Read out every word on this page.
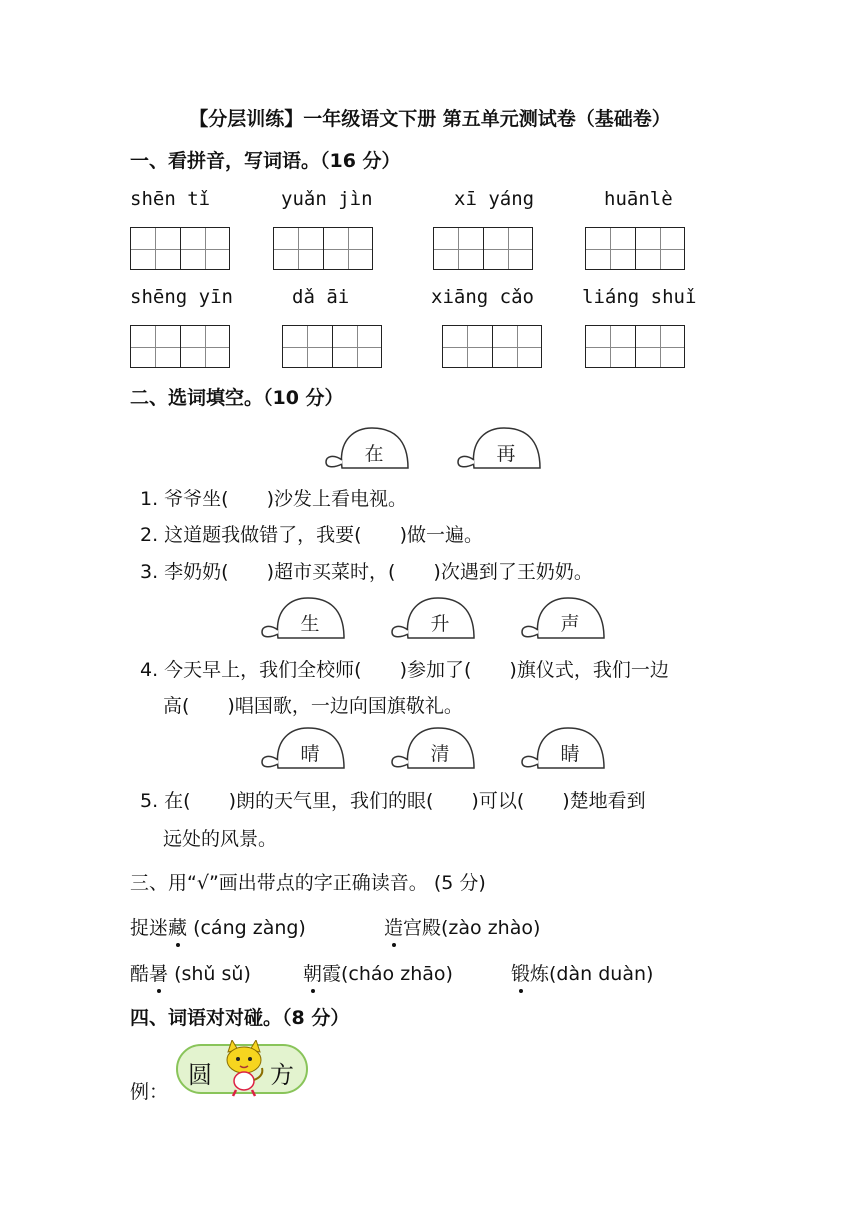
【分层训练】一年级语文下册 第五单元测试卷（基础卷）
一、看拼音，写词语。（16 分）
shēn tǐ	yuǎn jìn	xī yáng	huānlè
shēng yīn	dǎ āi	xiāng cǎo	liáng shuǐ
二、选词填空。（10 分）
在	再
1. 爷爷坐(　　)沙发上看电视。
2. 这道题我做错了，我要(　　)做一遍。
3. 李奶奶(　　)超市买菜时，(　　)次遇到了王奶奶。
生	升	声
4. 今天早上，我们全校师(　　)参加了(　　)旗仪式，我们一边
高(　　)唱国歌，一边向国旗敬礼。
晴	清	睛
5. 在(　　)朗的天气里，我们的眼(　　)可以(　　)楚地看到
远处的风景。
三、用“√”画出带点的字正确读音。 (5 分)
捉迷藏 (cáng zàng)	造宫殿(zào zhào)
酷暑 (shǔ sǔ)	朝霞(cháo zhāo)	锻炼(dàn duàn)
四、词语对对碰。（8 分）
例：
圆 方
